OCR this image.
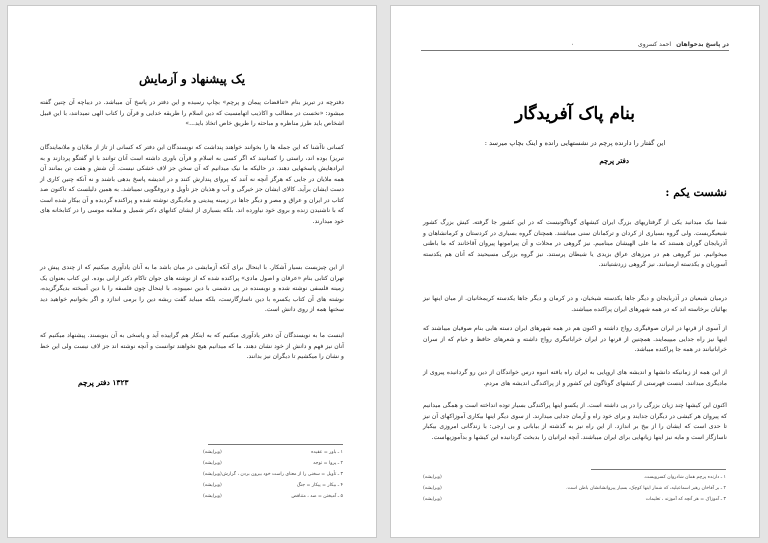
یک پیشنهاد و آزمایش
دفترچه در تبریز بنام «تناقضات پیمان و پرچم» بچاپ رسیده و این دفتر در پاسخ آن میباشد. در دیباچه آن چنین گفته میشود: «نخست در مطالب و اکاذیب اتهامسیت که دین اسلام را طریقه خدایی و قرآن را کتاب الهی نمیدانند، با این قبیل اشخاص باید طرز مناظره و مباحثه را طریق خاص اتخاذ باید...»
کسانی ناآشنا که این جمله ها را بخوانند خواهند پنداشت که نویسندگان این دفتر که کسانی از تاز از ملایان و ملانمایندگان تبریز) بوده اند، راستی را کسانیند که اگر کسی به اسلام و قرآن باوری داشته است آنان توانند با او گفتگو پردازند و به ایرادهایش پاسخهایی دهند. در حالیکه ما نیک میدانیم که آن سخن جز لاف خشکی نیست. آن شش و هفت تن بمانند آن همه ملایان در جایی که هرگز آنچه نه آنند که پروای پندارش کنند و در اندیشه پاسخ بدهی باشند و نه آنکه چنین کاری از دست ایشان برآید. کالای ایشان جز خیرگی و آب و هذیان جز تأویل و دروغگویی نمیباشد. به همین دلیلست که تاکنون صد کتاب در ایران و عراق و مصر و دیگر جاها در زمینه پیدینی و مادیگری نوشته شده و پراکنده گردیده و آن بیکار شده است که با ناشنیدن زنده و بروی خود نیاورده اند. بلکه بسیاری از ایشان کتابهای دکتر شمیل و سلامه موسی را در کتابخانه های خود میدارند.
از این چیزیست بسیار آشکار. با اینحال برای آنکه آزمایشی در میان باشد ما به آنان یادآوری میکنیم که از چندی پیش در تهران کتابی بنام «عرفان و اصول مادی» پراکنده شده که از نوشته های جوان تاکام دکتر ارانی بوده. این کتاب بعنوان یک زمینه فلسفی نوشته شده و نویسنده در پی دشمنی با دین نمیبوده. با اینحال چون فلسفه را با دین آمیخته بدیگرگزیده، نوشته های آن کتاب یکسره با دین ناسازگارست، بلکه میباید گفت ریشه دین را برمی اندازد و اگر بخوانیم خواهید دید سخنها همه از روی دانش است.
اینست ما به نویسندگان آن دفتر یادآوری میکنیم که به اینکار هم گراییده آید و پاسخی به آن بنویسند. پیشنهاد میکنیم که آنان نیز فهم و دانش از خود نشان دهند. ما که میدانیم هیچ نخواهند توانست و آنچه نوشته اند جز لاف نیست ولی این خط و نشان را میکشیم تا دیگران نیز بدانند.
۱۳۲۳ دفتر پرچم
۱ ـ باور = عقیده
(ویرایشه)
۲ ـ پروا = توجه
(ویرایشه)
۳ ـ تأویل = سخنی را از معنای راست خود بیرون بردن ، گزارش
(ویرایشه)
۴ ـ بیکار = پیکار = جنگ
(ویرایشه)
۵ ـ آمیختن = ضد ، متناقض
(ویرایشه)
در پاسخ بدخواهان احمد کسروی
۰
بنام پاک آفریدگار
این گفتار را دارنده پرچم در نشستهایی رانده و اینک بچاپ میرسد :
دفتر پرچم
نشست یکم :
شما نیک میدانید یکی از گرفتاریهای بزرگ ایران کیشهای گوناگونیست که در این کشور جا گرفته. کیش بزرگ کشور شیعیگریست. ولی گروه بسیاری از کردان و ترکمانان سنی میباشند. همچنان گروه بسیاری در کردستان و کرمانشاهان و آذربایجان گوران هستند که ما علی الهیشان مینامیم. نیز گروهی در محلات و آن پیرامونها پیروان آقاخانند که ما باطنی میخوانیم. نیز گروهی هم در مرزهای عراق بزیدی یا شیطان پرستند. نیز گروه بزرگی مسیحیند که آنان هم یکدسته آسوریان و یکدسته ارمنیانند. نیز گروهی زردشتیانند.
درمیان شیعیان در آذربایجان و دیگر جاها یکدسته شیخیان، و در کرمان و دیگر جاها یکدسته کریمخانیان. از میان اینها نیز بهائیان برخاسته اند که در همه شهرهای ایران پراکنده میباشند.
از آسوی از قرنها در ایران صوفیگری رواج داشته و اکنون هم در همه شهرهای ایران دسته هایی بنام صوفیان میباشند که اینها نیز راه جدایی میپیمایند. همچنین از قرنها در ایران خراباتیگری رواج داشته و شعرهای حافظ و خیام که از سران خراباتیانند در همه جا پراکنده میباشد.
از این همه از زمانیکه دانشها و اندیشه های اروپایی به ایران راه یافته انبوه درس خواندگان از دین رو گردانیده پیروی از مادیگری میدانند. اینست فهرستی از کیشهای گوناگون این کشور و از پراکندگی اندیشه های مردم.
اکنون این کیشها چند زیان بزرگی را در پی داشته است. از یکسو اینها پراکندگی بسیار توده انداخته است و همگی میدانیم که پیروان هر کیشی در دیگران جدایند و برای خود راه و آرمان جدایی میدارند. از سوی دیگر اینها بیکاری آموزاکهای آن نیز تا حدی است که ایشان را از بیخ بر اندازد. از این راه نیز به گذشته از بیابانی و بی ارجی: با زندگانی امروزی بیکبار ناسازگار است و مایه نیز اینها زیانهایی برای ایران میباشند. آنچه ایرانیان را بدبخت گردانیده این کیشها و بدآموزیهاست.
۱ ـ دارنده پرچم همان شادروان کسرویست.
(ویرایشه)
۲ ـ بر آقاخان رهبر اسماعیلیه، که شمار اینها کوچک، بسیار پیروانشانشان باطن است.
(ویرایشه)
۳ ـ آموزاک = هر آنچه که آموزند ، تعلیمات
(ویرایشه)
